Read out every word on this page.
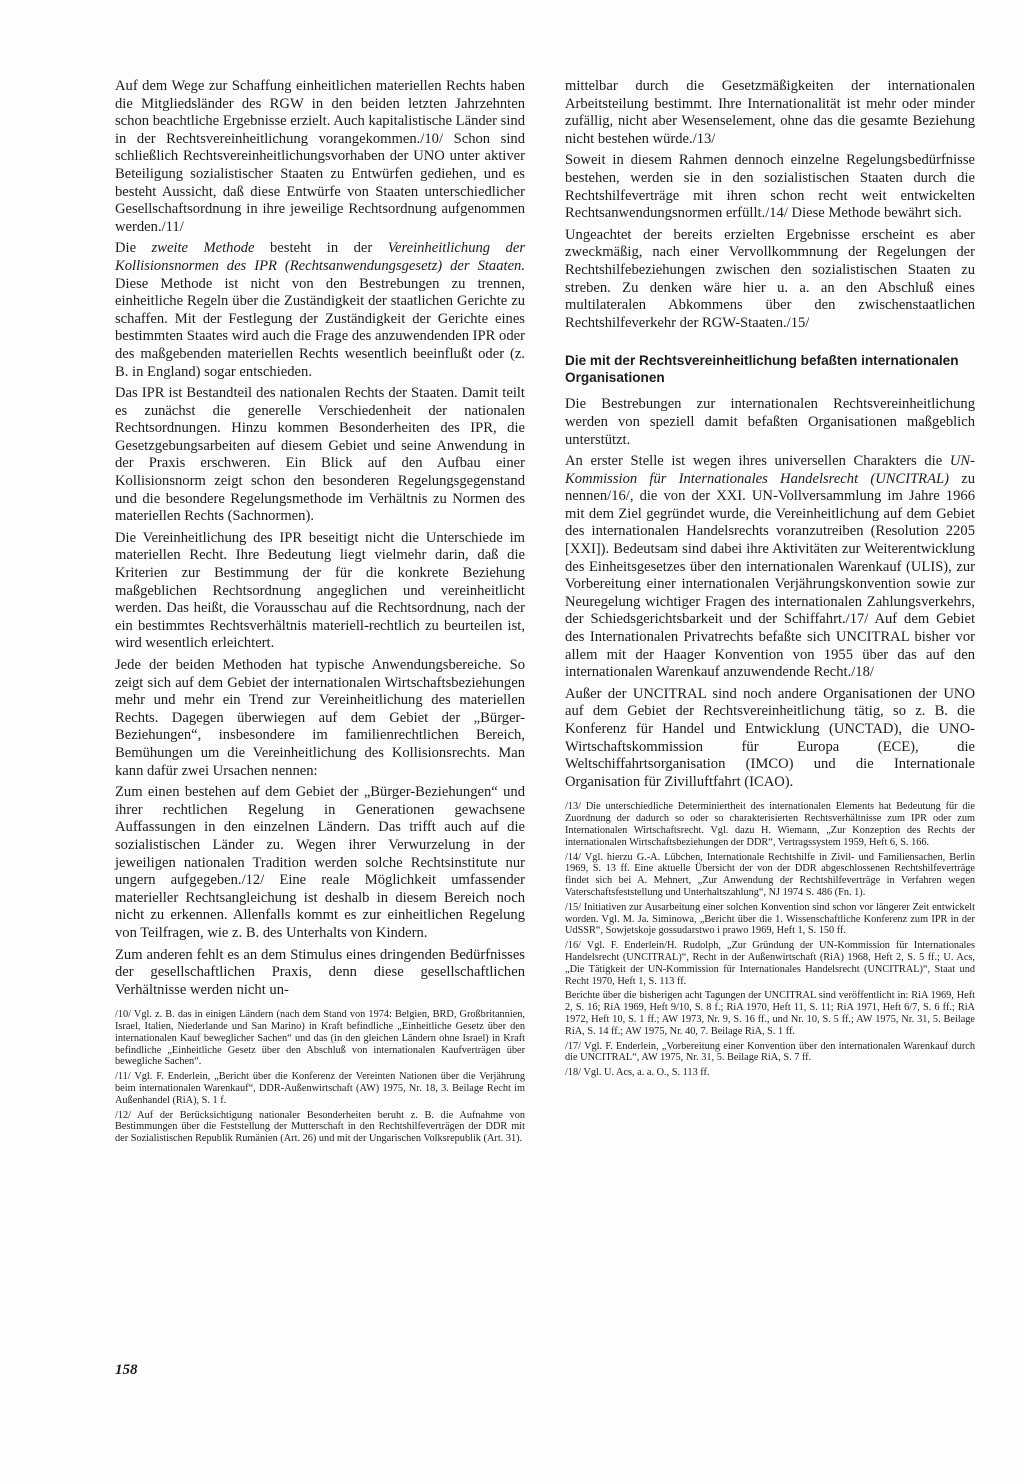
Auf dem Wege zur Schaffung einheitlichen materiellen Rechts haben die Mitgliedsländer des RGW in den beiden letzten Jahrzehnten schon beachtliche Ergebnisse erzielt. Auch kapitalistische Länder sind in der Rechtsvereinheitlichung vorangekommen./10/ Schon sind schließlich Rechtsvereinheitlichungsvorhaben der UNO unter aktiver Beteiligung sozialistischer Staaten zu Entwürfen gediehen, und es besteht Aussicht, daß diese Entwürfe von Staaten unterschiedlicher Gesellschaftsordnung in ihre jeweilige Rechtsordnung aufgenommen werden./11/

Die zweite Methode besteht in der Vereinheitlichung der Kollisionsnormen des IPR (Rechtsanwendungsgesetz) der Staaten. Diese Methode ist nicht von den Bestrebungen zu trennen, einheitliche Regeln über die Zuständigkeit der staatlichen Gerichte zu schaffen. Mit der Festlegung der Zuständigkeit der Gerichte eines bestimmten Staates wird auch die Frage des anzuwendenden IPR oder des maßgebenden materiellen Rechts wesentlich beeinflußt oder (z. B. in England) sogar entschieden.

Das IPR ist Bestandteil des nationalen Rechts der Staaten. Damit teilt es zunächst die generelle Verschiedenheit der nationalen Rechtsordnungen. Hinzu kommen Besonderheiten des IPR, die Gesetzgebungsarbeiten auf diesem Gebiet und seine Anwendung in der Praxis erschweren. Ein Blick auf den Aufbau einer Kollisionsnorm zeigt schon den besonderen Regelungsgegenstand und die besondere Regelungsmethode im Verhältnis zu Normen des materiellen Rechts (Sachnormen).

Die Vereinheitlichung des IPR beseitigt nicht die Unterschiede im materiellen Recht. Ihre Bedeutung liegt vielmehr darin, daß die Kriterien zur Bestimmung der für die konkrete Beziehung maßgeblichen Rechtsordnung angeglichen und vereinheitlicht werden. Das heißt, die Vorausschau auf die Rechtsordnung, nach der ein bestimmtes Rechtsverhältnis materiell-rechtlich zu beurteilen ist, wird wesentlich erleichtert.

Jede der beiden Methoden hat typische Anwendungsbereiche. So zeigt sich auf dem Gebiet der internationalen Wirtschaftsbeziehungen mehr und mehr ein Trend zur Vereinheitlichung des materiellen Rechts. Dagegen überwiegen auf dem Gebiet der „Bürger-Beziehungen“, insbesondere im familienrechtlichen Bereich, Bemühungen um die Vereinheitlichung des Kollisionsrechts. Man kann dafür zwei Ursachen nennen:

Zum einen bestehen auf dem Gebiet der „Bürger-Beziehungen“ und ihrer rechtlichen Regelung in Generationen gewachsene Auffassungen in den einzelnen Ländern. Das trifft auch auf die sozialistischen Länder zu. Wegen ihrer Verwurzelung in der jeweiligen nationalen Tradition werden solche Rechtsinstitute nur ungern aufgegeben./12/ Eine reale Möglichkeit umfassender materieller Rechtsangleichung ist deshalb in diesem Bereich noch nicht zu erkennen. Allenfalls kommt es zur einheitlichen Regelung von Teilfragen, wie z. B. des Unterhalts von Kindern.

Zum anderen fehlt es an dem Stimulus eines dringenden Bedürfnisses der gesellschaftlichen Praxis, denn diese gesellschaftlichen Verhältnisse werden nicht un-

/10/ Vgl. z. B. das in einigen Ländern (nach dem Stand von 1974: Belgien, BRD, Großbritannien, Israel, Italien, Niederlande und San Marino) in Kraft befindliche „Einheitliche Gesetz über den internationalen Kauf beweglicher Sachen“ und das (in den gleichen Ländern ohne Israel) in Kraft befindliche „Einheitliche Gesetz über den Abschluß von internationalen Kaufverträgen über bewegliche Sachen“.

/11/ Vgl. F. Enderlein, „Bericht über die Konferenz der Vereinten Nationen über die Verjährung beim internationalen Warenkauf“, DDR-Außenwirtschaft (AW) 1975, Nr. 18, 3. Beilage Recht im Außenhandel (RiA), S. 1 f.

/12/ Auf der Berücksichtigung nationaler Besonderheiten beruht z. B. die Aufnahme von Bestimmungen über die Feststellung der Mutterschaft in den Rechtshilfeverträgen der DDR mit der Sozialistischen Republik Rumänien (Art. 26) und mit der Ungarischen Volksrepublik (Art. 31).

mittelbar durch die Gesetzmäßigkeiten der internationalen Arbeitsteilung bestimmt. Ihre Internationalität ist mehr oder minder zufällig, nicht aber Wesenselement, ohne das die gesamte Beziehung nicht bestehen würde./13/

Soweit in diesem Rahmen dennoch einzelne Regelungsbedürfnisse bestehen, werden sie in den sozialistischen Staaten durch die Rechtshilfeverträge mit ihren schon recht weit entwickelten Rechtsanwendungsnormen erfüllt./14/ Diese Methode bewährt sich.

Ungeachtet der bereits erzielten Ergebnisse erscheint es aber zweckmäßig, nach einer Vervollkommnung der Regelungen der Rechtshilfebeziehungen zwischen den sozialistischen Staaten zu streben. Zu denken wäre hier u. a. an den Abschluß eines multilateralen Abkommens über den zwischenstaatlichen Rechtshilfeverkehr der RGW-Staaten./15/

Die mit der Rechtsvereinheitlichung befaßten internationalen Organisationen

Die Bestrebungen zur internationalen Rechtsvereinheitlichung werden von speziell damit befaßten Organisationen maßgeblich unterstützt.

An erster Stelle ist wegen ihres universellen Charakters die UN-Kommission für Internationales Handelsrecht (UNCITRAL) zu nennen/16/, die von der XXI. UN-Vollversammlung im Jahre 1966 mit dem Ziel gegründet wurde, die Vereinheitlichung auf dem Gebiet des internationalen Handelsrechts voranzutreiben (Resolution 2205 [XXI]). Bedeutsam sind dabei ihre Aktivitäten zur Weiterentwicklung des Einheitsgesetzes über den internationalen Warenkauf (ULIS), zur Vorbereitung einer internationalen Verjährungskonvention sowie zur Neuregelung wichtiger Fragen des internationalen Zahlungsverkehrs, der Schiedsgerichtsbarkeit und der Schiffahrt./17/ Auf dem Gebiet des Internationalen Privatrechts befaßte sich UNCITRAL bisher vor allem mit der Haager Konvention von 1955 über das auf den internationalen Warenkauf anzuwendende Recht./18/

Außer der UNCITRAL sind noch andere Organisationen der UNO auf dem Gebiet der Rechtsvereinheitlichung tätig, so z. B. die Konferenz für Handel und Entwicklung (UNCTAD), die UNO-Wirtschaftskommission für Europa (ECE), die Weltschiffahrtsorganisation (IMCO) und die Internationale Organisation für Zivilluftfahrt (ICAO).

/13/ Die unterschiedliche Determiniertheit des internationalen Elements hat Bedeutung für die Zuordnung der dadurch so oder so charakterisierten Rechtsverhältnisse zum IPR oder zum Internationalen Wirtschaftsrecht. Vgl. dazu H. Wiemann, „Zur Konzeption des Rechts der internationalen Wirtschaftsbeziehungen der DDR“, Vertragssystem 1959, Heft 6, S. 166.

/14/ Vgl. hierzu G.-A. Lübchen, Internationale Rechtshilfe in Zivil- und Familiensachen, Berlin 1969, S. 13 ff. Eine aktuelle Übersicht der von der DDR abgeschlossenen Rechtshilfeverträge findet sich bei A. Mehnert, „Zur Anwendung der Rechtshilfeverträge in Verfahren wegen Vaterschaftsfeststellung und Unterhaltszahlung“, NJ 1974 S. 486 (Fn. 1).

/15/ Initiativen zur Ausarbeitung einer solchen Konvention sind schon vor längerer Zeit entwickelt worden. Vgl. M. Ja. Siminowa, „Bericht über die 1. Wissenschaftliche Konferenz zum IPR in der UdSSR“, Sowjetskoje gossudarstwo i prawo 1969, Heft 1, S. 150 ff.

/16/ Vgl. F. Enderlein/H. Rudolph, „Zur Gründung der UN-Kommission für Internationales Handelsrecht (UNCITRAL)“, Recht in der Außenwirtschaft (RiA) 1968, Heft 2, S. 5 ff.; U. Acs, „Die Tätigkeit der UN-Kommission für Internationales Handelsrecht (UNCITRAL)“, Staat und Recht 1970, Heft 1, S. 113 ff.

Berichte über die bisherigen acht Tagungen der UNCITRAL sind veröffentlicht in: RiA 1969, Heft 2, S. 16; RiA 1969, Heft 9/10, S. 8 f.; RiA 1970, Heft 11, S. 11; RiA 1971, Heft 6/7, S. 6 ff.; RiA 1972, Heft 10, S. 1 ff.; AW 1973, Nr. 9, S. 16 ff., und Nr. 10, S. 5 ff.; AW 1975, Nr. 31, 5. Beilage RiA, S. 14 ff.; AW 1975, Nr. 40, 7. Beilage RiA, S. 1 ff.

/17/ Vgl. F. Enderlein, „Vorbereitung einer Konvention über den internationalen Warenkauf durch die UNCITRAL“, AW 1975, Nr. 31, 5. Beilage RiA, S. 7 ff.

/18/ Vgl. U. Acs, a. a. O., S. 113 ff.

158
